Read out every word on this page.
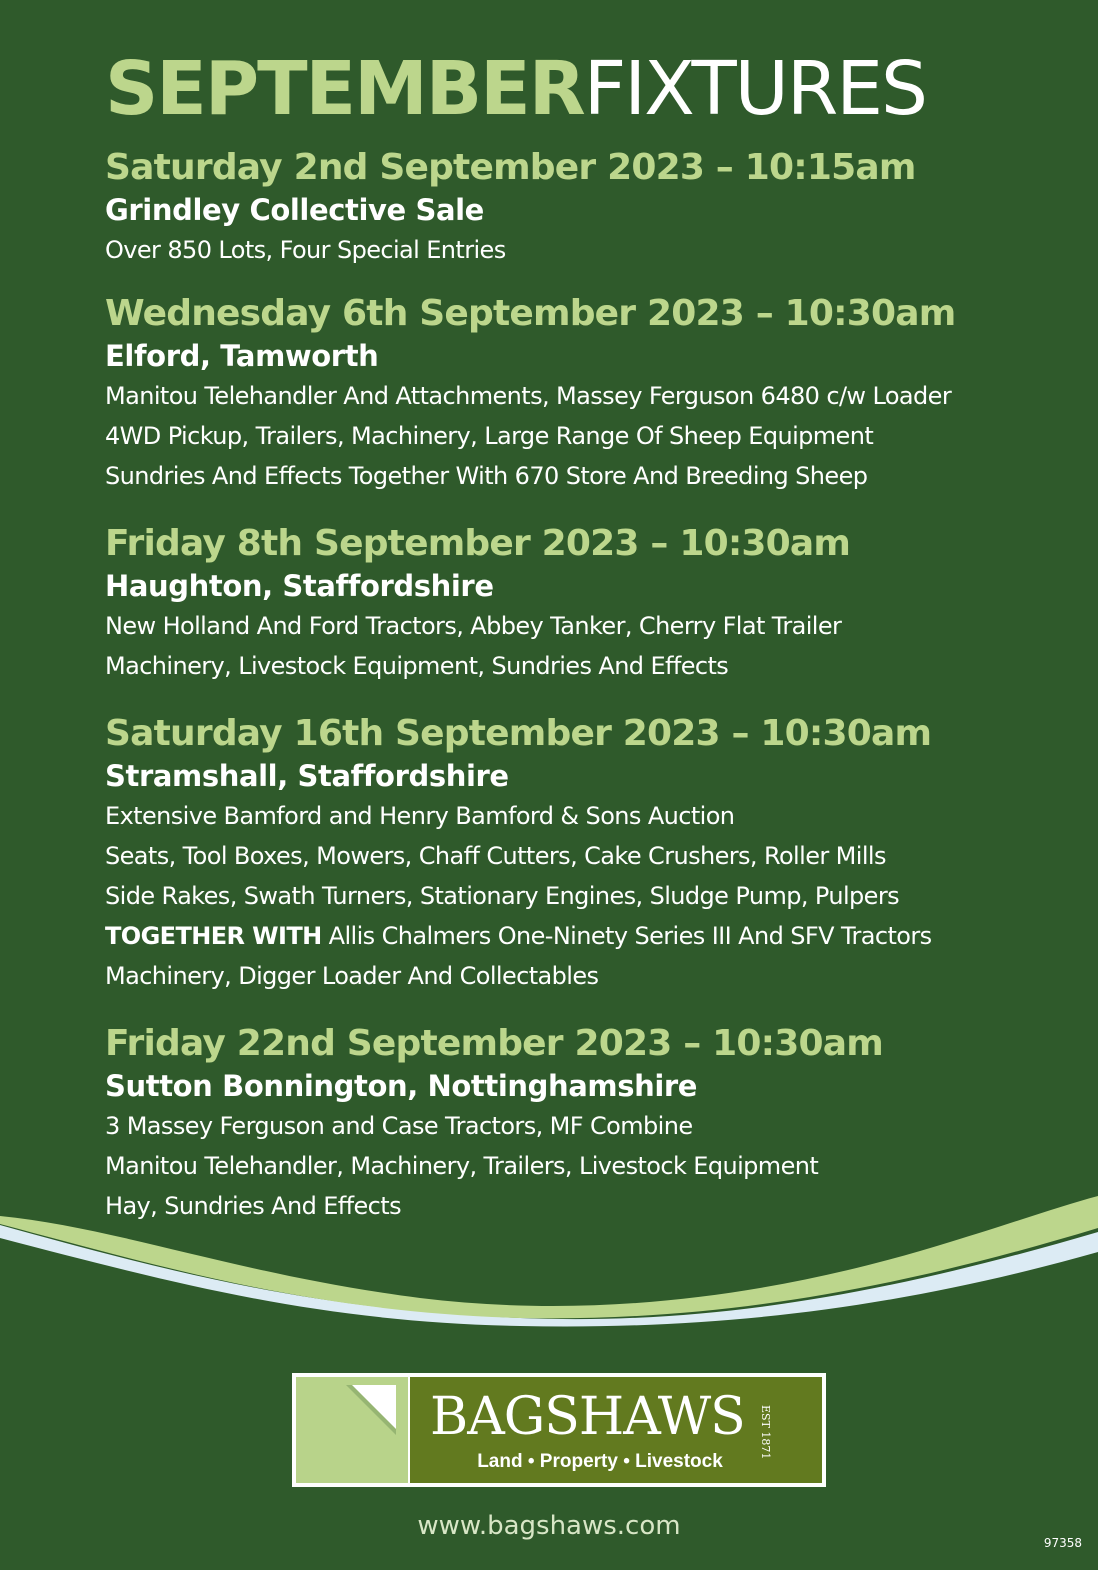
SEPTEMBERFIXTURES
Saturday 2nd September 2023 – 10:15am
Grindley Collective Sale
Over 850 Lots, Four Special Entries
Wednesday 6th September 2023 – 10:30am
Elford, Tamworth
Manitou Telehandler And Attachments, Massey Ferguson 6480 c/w Loader
4WD Pickup, Trailers, Machinery, Large Range Of Sheep Equipment
Sundries And Effects Together With 670 Store And Breeding Sheep
Friday 8th September 2023 – 10:30am
Haughton, Staffordshire
New Holland And Ford Tractors, Abbey Tanker, Cherry Flat Trailer
Machinery, Livestock Equipment, Sundries And Effects
Saturday 16th September 2023 – 10:30am
Stramshall, Staffordshire
Extensive Bamford and Henry Bamford & Sons Auction
Seats, Tool Boxes, Mowers, Chaff Cutters, Cake Crushers, Roller Mills
Side Rakes, Swath Turners, Stationary Engines, Sludge Pump, Pulpers
TOGETHER WITH Allis Chalmers One-Ninety Series III And SFV Tractors
Machinery, Digger Loader And Collectables
Friday 22nd September 2023 – 10:30am
Sutton Bonnington, Nottinghamshire
3 Massey Ferguson and Case Tractors, MF Combine
Manitou Telehandler, Machinery, Trailers, Livestock Equipment
Hay, Sundries And Effects
BAGSHAWS	EST 1871
Land • Property • Livestock
www.bagshaws.com
97358
